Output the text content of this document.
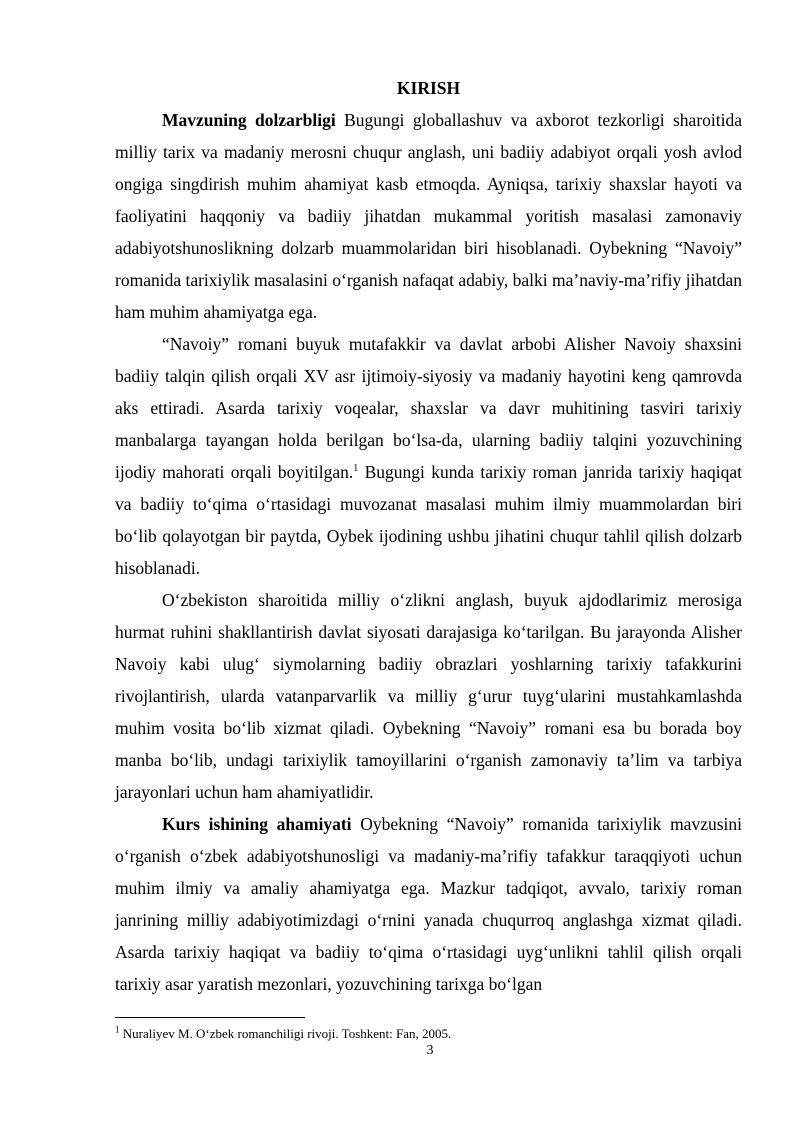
KIRISH

Mavzuning dolzarbligi Bugungi globallashuv va axborot tezkorligi sharoitida milliy tarix va madaniy merosni chuqur anglash, uni badiiy adabiyot orqali yosh avlod ongiga singdirish muhim ahamiyat kasb etmoqda. Ayniqsa, tarixiy shaxslar hayoti va faoliyatini haqqoniy va badiiy jihatdan mukammal yoritish masalasi zamonaviy adabiyotshunoslikning dolzarb muammolaridan biri hisoblanadi. Oybekning “Navoiy” romanida tarixiylik masalasini o‘rganish nafaqat adabiy, balki ma’naviy-ma’rifiy jihatdan ham muhim ahamiyatga ega.

“Navoiy” romani buyuk mutafakkir va davlat arbobi Alisher Navoiy shaxsini badiiy talqin qilish orqali XV asr ijtimoiy-siyosiy va madaniy hayotini keng qamrovda aks ettiradi. Asarda tarixiy voqealar, shaxslar va davr muhitining tasviri tarixiy manbalarga tayangan holda berilgan bo‘lsa-da, ularning badiiy talqini yozuvchining ijodiy mahorati orqali boyitilgan.$^1$ Bugungi kunda tarixiy roman janrida tarixiy haqiqat va badiiy to‘qima o‘rtasidagi muvozanat masalasi muhim ilmiy muammolardan biri bo‘lib qolayotgan bir paytda, Oybek ijodining ushbu jihatini chuqur tahlil qilish dolzarb hisoblanadi.

O‘zbekiston sharoitida milliy o‘zlikni anglash, buyuk ajdodlarimiz merosiga hurmat ruhini shakllantirish davlat siyosati darajasiga ko‘tarilgan. Bu jarayonda Alisher Navoiy kabi ulug‘ siymolarning badiiy obrazlari yoshlarning tarixiy tafakkurini rivojlantirish, ularda vatanparvarlik va milliy g‘urur tuyg‘ularini mustahkamlashda muhim vosita bo‘lib xizmat qiladi. Oybekning “Navoiy” romani esa bu borada boy manba bo‘lib, undagi tarixiylik tamoyillarini o‘rganish zamonaviy ta’lim va tarbiya jarayonlari uchun ham ahamiyatlidir.

Kurs ishining ahamiyati Oybekning “Navoiy” romanida tarixiylik mavzusini o‘rganish o‘zbek adabiyotshunosligi va madaniy-ma’rifiy tafakkur taraqqiyoti uchun muhim ilmiy va amaliy ahamiyatga ega. Mazkur tadqiqot, avvalo, tarixiy roman janrining milliy adabiyotimizdagi o‘rnini yanada chuqurroq anglashga xizmat qiladi. Asarda tarixiy haqiqat va badiiy to‘qima o‘rtasidagi uyg‘unlikni tahlil qilish orqali tarixiy asar yaratish mezonlari, yozuvchining tarixga bo‘lgan

$^1$ Nuraliyev M. O‘zbek romanchiligi rivoji. Toshkent: Fan, 2005.

3
